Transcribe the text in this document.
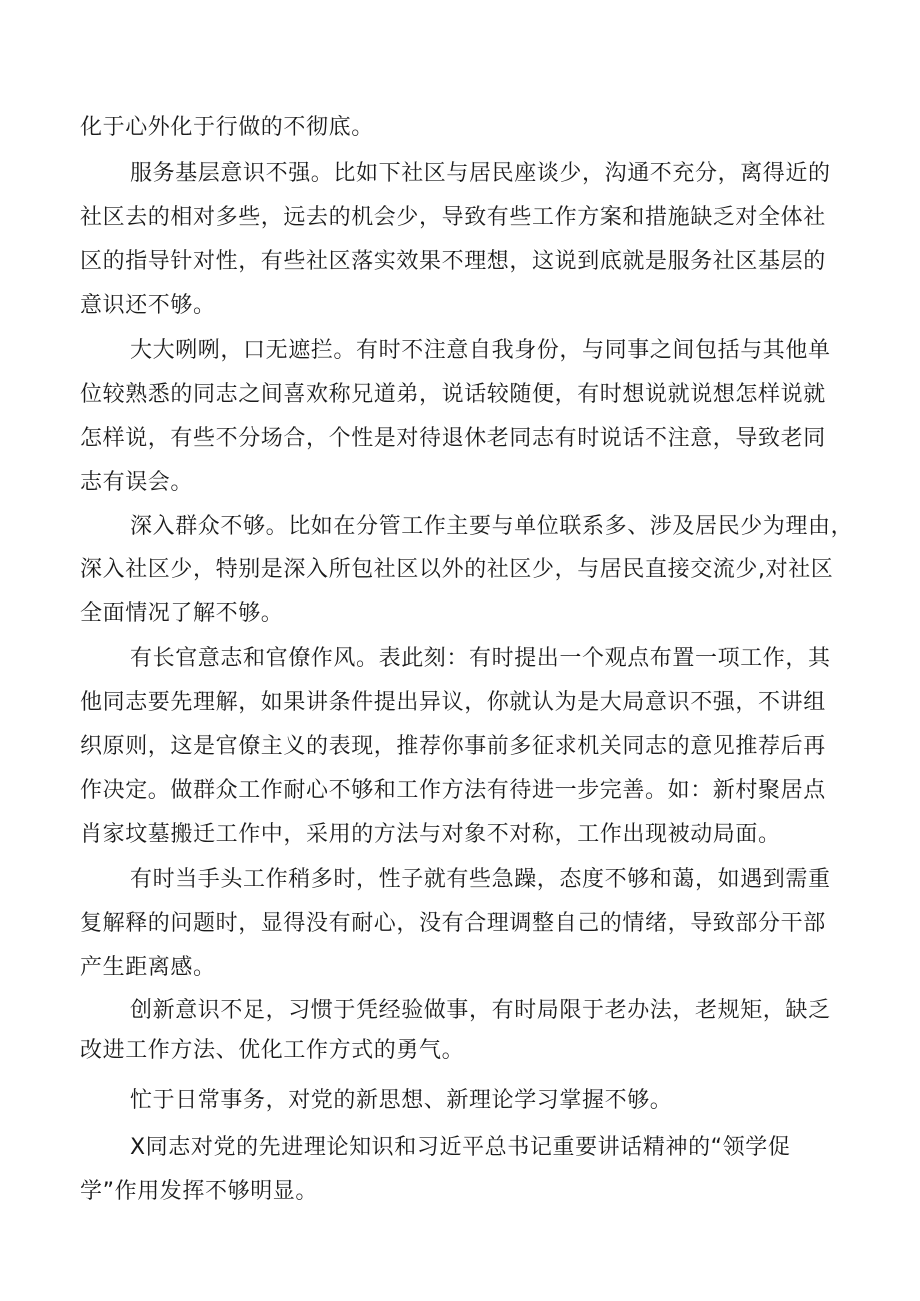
化于心外化于行做的不彻底。
服务基层意识不强。比如下社区与居民座谈少，沟通不充分，离得近的
社区去的相对多些，远去的机会少，导致有些工作方案和措施缺乏对全体社
区的指导针对性，有些社区落实效果不理想，这说到底就是服务社区基层的
意识还不够。
大大咧咧，口无遮拦。有时不注意自我身份，与同事之间包括与其他单
位较熟悉的同志之间喜欢称兄道弟，说话较随便，有时想说就说想怎样说就
怎样说，有些不分场合，个性是对待退休老同志有时说话不注意，导致老同
志有误会。
深入群众不够。比如在分管工作主要与单位联系多、涉及居民少为理由，
深入社区少，特别是深入所包社区以外的社区少，与居民直接交流少,对社区
全面情况了解不够。
有长官意志和官僚作风。表此刻：有时提出一个观点布置一项工作，其
他同志要先理解，如果讲条件提出异议，你就认为是大局意识不强，不讲组
织原则，这是官僚主义的表现，推荐你事前多征求机关同志的意见推荐后再
作决定。做群众工作耐心不够和工作方法有待进一步完善。如：新村聚居点
肖家坟墓搬迁工作中，采用的方法与对象不对称，工作出现被动局面。
有时当手头工作稍多时，性子就有些急躁，态度不够和蔼，如遇到需重
复解释的问题时，显得没有耐心，没有合理调整自己的情绪，导致部分干部
产生距离感。
创新意识不足，习惯于凭经验做事，有时局限于老办法，老规矩，缺乏
改进工作方法、优化工作方式的勇气。
忙于日常事务，对党的新思想、新理论学习掌握不够。
X同志对党的先进理论知识和习近平总书记重要讲话精神的“领学促
学”作用发挥不够明显。
